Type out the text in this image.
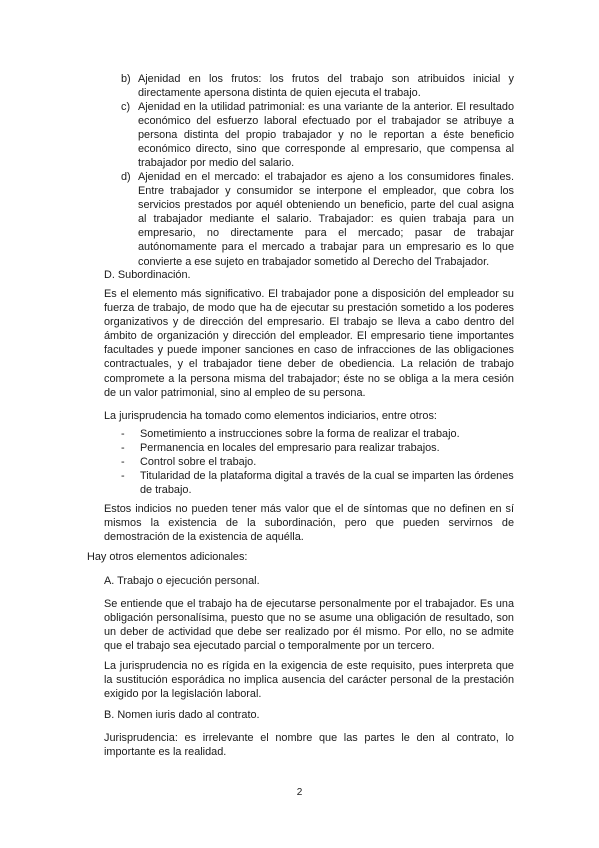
b) Ajenidad en los frutos: los frutos del trabajo son atribuidos inicial y directamente apersona distinta de quien ejecuta el trabajo.

c) Ajenidad en la utilidad patrimonial: es una variante de la anterior. El resultado económico del esfuerzo laboral efectuado por el trabajador se atribuye a persona distinta del propio trabajador y no le reportan a éste beneficio económico directo, sino que corresponde al empresario, que compensa al trabajador por medio del salario.

d) Ajenidad en el mercado: el trabajador es ajeno a los consumidores finales. Entre trabajador y consumidor se interpone el empleador, que cobra los servicios prestados por aquél obteniendo un beneficio, parte del cual asigna al trabajador mediante el salario. Trabajador: es quien trabaja para un empresario, no directamente para el mercado; pasar de trabajar autónomamente para el mercado a trabajar para un empresario es lo que convierte a ese sujeto en trabajador sometido al Derecho del Trabajador.

D. Subordinación.

Es el elemento más significativo. El trabajador pone a disposición del empleador su fuerza de trabajo, de modo que ha de ejecutar su prestación sometido a los poderes organizativos y de dirección del empresario. El trabajo se lleva a cabo dentro del ámbito de organización y dirección del empleador. El empresario tiene importantes facultades y puede imponer sanciones en caso de infracciones de las obligaciones contractuales, y el trabajador tiene deber de obediencia. La relación de trabajo compromete a la persona misma del trabajador; éste no se obliga a la mera cesión de un valor patrimonial, sino al empleo de su persona.

La jurisprudencia ha tomado como elementos indiciarios, entre otros:

- Sometimiento a instrucciones sobre la forma de realizar el trabajo.

- Permanencia en locales del empresario para realizar trabajos.

- Control sobre el trabajo.

- Titularidad de la plataforma digital a través de la cual se imparten las órdenes de trabajo.

Estos indicios no pueden tener más valor que el de síntomas que no definen en sí mismos la existencia de la subordinación, pero que pueden servirnos de demostración de la existencia de aquélla.

Hay otros elementos adicionales:

A. Trabajo o ejecución personal.

Se entiende que el trabajo ha de ejecutarse personalmente por el trabajador. Es una obligación personalísima, puesto que no se asume una obligación de resultado, son un deber de actividad que debe ser realizado por él mismo. Por ello, no se admite que el trabajo sea ejecutado parcial o temporalmente por un tercero.

La jurisprudencia no es rígida en la exigencia de este requisito, pues interpreta que la sustitución esporádica no implica ausencia del carácter personal de la prestación exigido por la legislación laboral.

B. Nomen iuris dado al contrato.

Jurisprudencia: es irrelevante el nombre que las partes le den al contrato, lo importante es la realidad.

2
